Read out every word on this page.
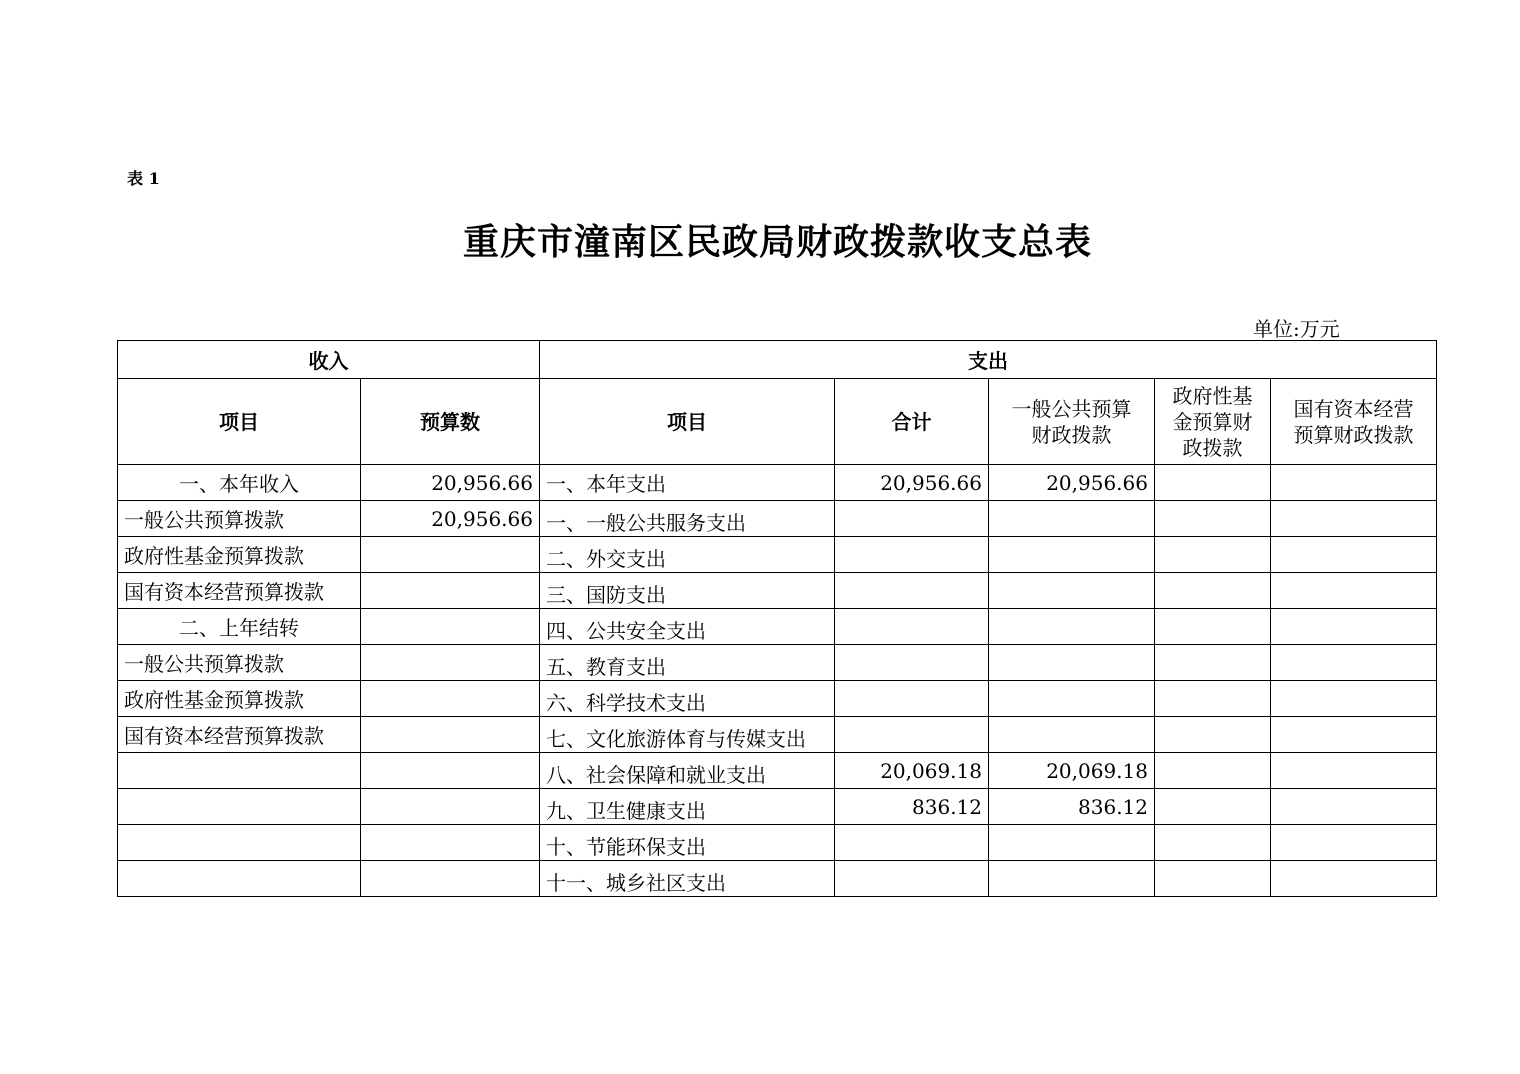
表 1
重庆市潼南区民政局财政拨款收支总表
单位:万元
收入		支出				
项目	预算数	项目	合计	一般公共预算财政拨款	政府性基金预算财政拨款	国有资本经营预算财政拨款
一、本年收入	20,956.66	一、本年支出	20,956.66	20,956.66		
一般公共预算拨款	20,956.66	一、一般公共服务支出				
政府性基金预算拨款		二、外交支出				
国有资本经营预算拨款		三、国防支出				
二、上年结转		四、公共安全支出				
一般公共预算拨款		五、教育支出				
政府性基金预算拨款		六、科学技术支出				
国有资本经营预算拨款		七、文化旅游体育与传媒支出				
		八、社会保障和就业支出	20,069.18	20,069.18		
		九、卫生健康支出	836.12	836.12		
		十、节能环保支出				
		十一、城乡社区支出				
